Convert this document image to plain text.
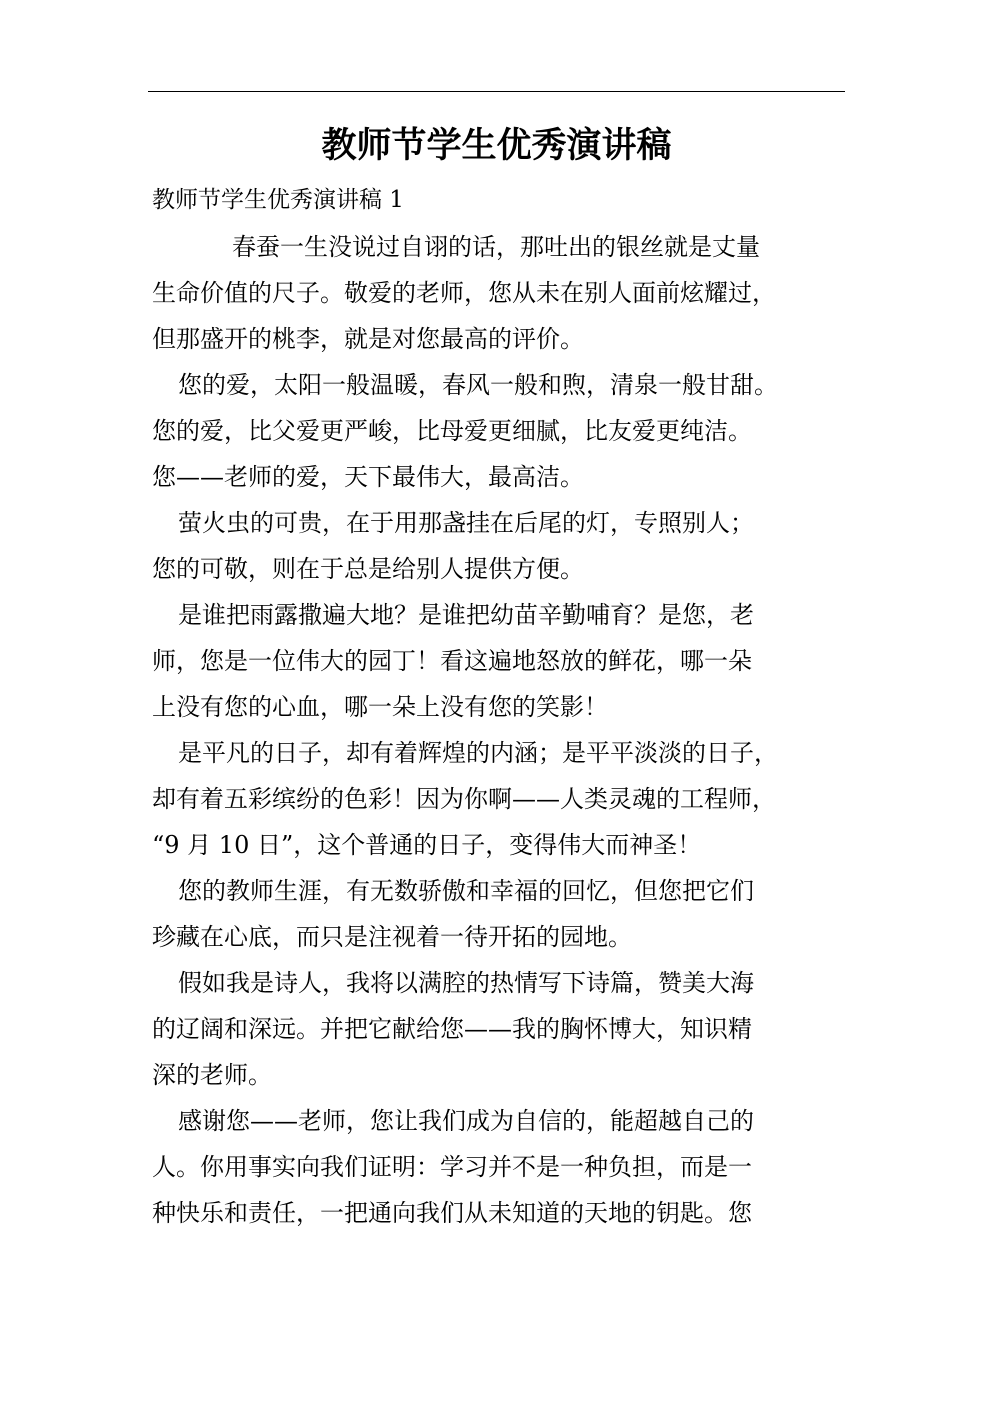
教师节学生优秀演讲稿

教师节学生优秀演讲稿 1

春蚕一生没说过自诩的话，那吐出的银丝就是丈量
生命价值的尺子。敬爱的老师，您从未在别人面前炫耀过，
但那盛开的桃李，就是对您最高的评价。
您的爱，太阳一般温暖，春风一般和煦，清泉一般甘甜。
您的爱，比父爱更严峻，比母爱更细腻，比友爱更纯洁。
您——老师的爱，天下最伟大，最高洁。
萤火虫的可贵，在于用那盏挂在后尾的灯，专照别人；
您的可敬，则在于总是给别人提供方便。
是谁把雨露撒遍大地？是谁把幼苗辛勤哺育？是您，老
师，您是一位伟大的园丁！看这遍地怒放的鲜花，哪一朵
上没有您的心血，哪一朵上没有您的笑影！
是平凡的日子，却有着辉煌的内涵；是平平淡淡的日子，
却有着五彩缤纷的色彩！因为你啊——人类灵魂的工程师，
“9 月 10 日”，这个普通的日子，变得伟大而神圣！
您的教师生涯，有无数骄傲和幸福的回忆，但您把它们
珍藏在心底，而只是注视着一待开拓的园地。
假如我是诗人，我将以满腔的热情写下诗篇，赞美大海
的辽阔和深远。并把它献给您——我的胸怀博大，知识精
深的老师。
感谢您——老师，您让我们成为自信的，能超越自己的
人。你用事实向我们证明：学习并不是一种负担，而是一
种快乐和责任，一把通向我们从未知道的天地的钥匙。您
